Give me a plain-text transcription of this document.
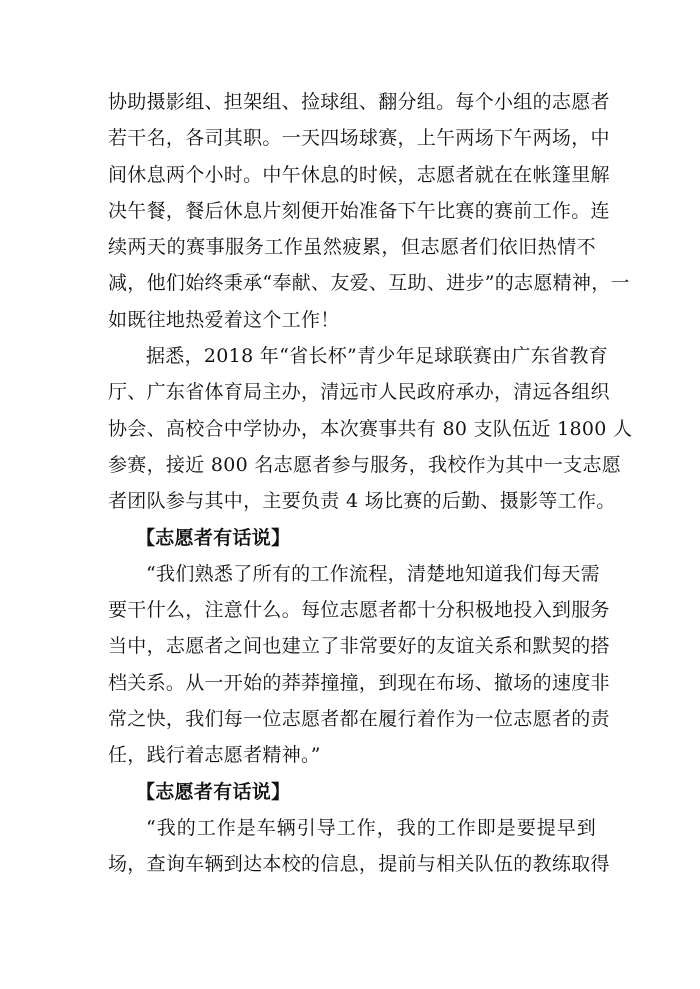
协助摄影组、担架组、捡球组、翻分组。每个小组的志愿者
若干名，各司其职。一天四场球赛，上午两场下午两场，中
间休息两个小时。中午休息的时候，志愿者就在在帐篷里解
决午餐，餐后休息片刻便开始准备下午比赛的赛前工作。连
续两天的赛事服务工作虽然疲累，但志愿者们依旧热情不
减，他们始终秉承“奉献、友爱、互助、进步”的志愿精神，一
如既往地热爱着这个工作！
据悉，2018 年“省长杯”青少年足球联赛由广东省教育
厅、广东省体育局主办，清远市人民政府承办，清远各组织
协会、高校合中学协办，本次赛事共有 80 支队伍近 1800 人
参赛，接近 800 名志愿者参与服务，我校作为其中一支志愿
者团队参与其中，主要负责 4 场比赛的后勤、摄影等工作。
【志愿者有话说】
“我们熟悉了所有的工作流程，清楚地知道我们每天需
要干什么，注意什么。每位志愿者都十分积极地投入到服务
当中，志愿者之间也建立了非常要好的友谊关系和默契的搭
档关系。从一开始的莽莽撞撞，到现在布场、撤场的速度非
常之快，我们每一位志愿者都在履行着作为一位志愿者的责
任，践行着志愿者精神。”
【志愿者有话说】
“我的工作是车辆引导工作，我的工作即是要提早到
场，查询车辆到达本校的信息，提前与相关队伍的教练取得
